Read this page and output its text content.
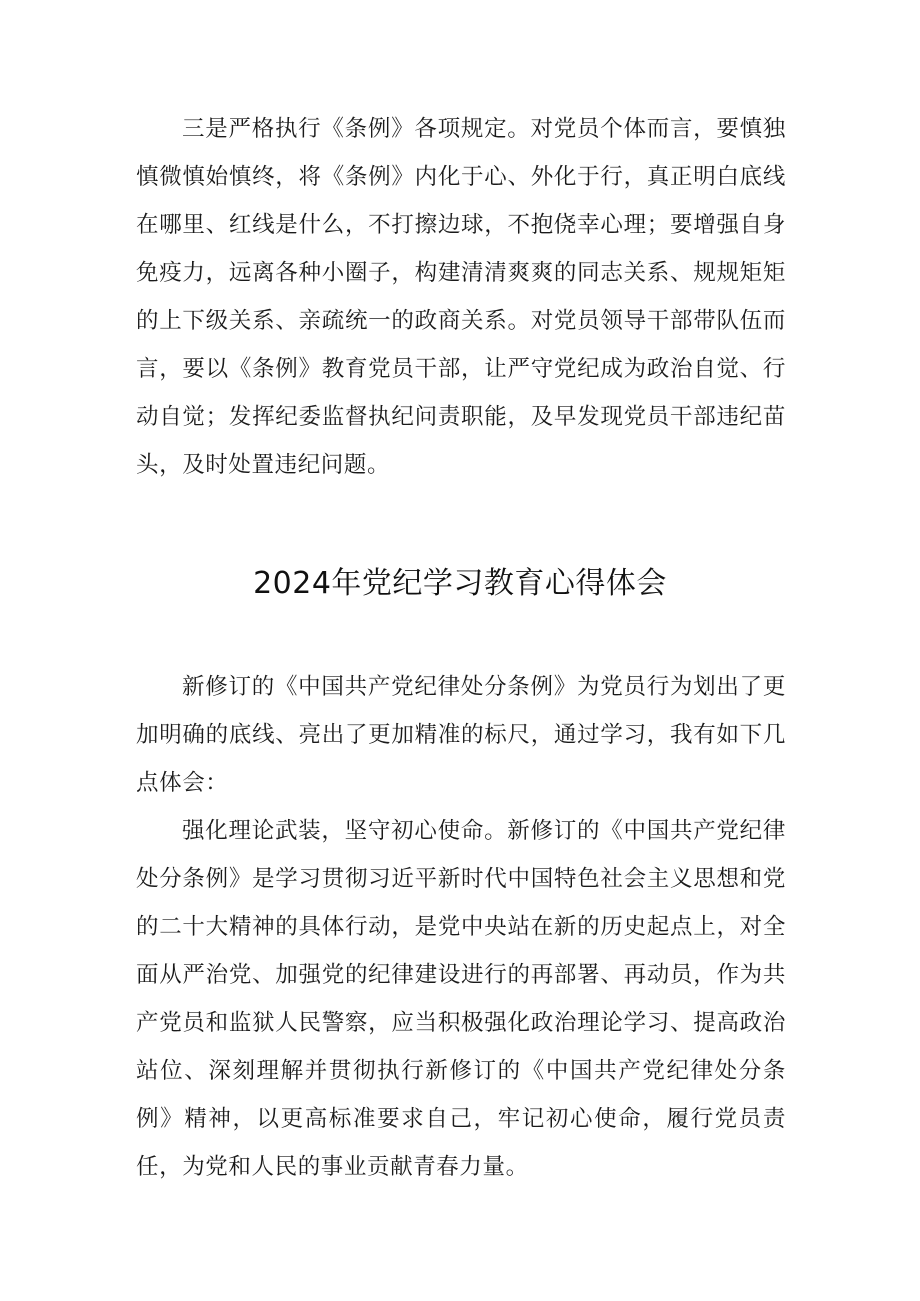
三是严格执行《条例》各项规定。对党员个体而言，要慎独慎微慎始慎终，将《条例》内化于心、外化于行，真正明白底线在哪里、红线是什么，不打擦边球，不抱侥幸心理；要增强自身免疫力，远离各种小圈子，构建清清爽爽的同志关系、规规矩矩的上下级关系、亲疏统一的政商关系。对党员领导干部带队伍而言，要以《条例》教育党员干部，让严守党纪成为政治自觉、行动自觉；发挥纪委监督执纪问责职能，及早发现党员干部违纪苗头，及时处置违纪问题。

2024年党纪学习教育心得体会

新修订的《中国共产党纪律处分条例》为党员行为划出了更加明确的底线、亮出了更加精准的标尺，通过学习，我有如下几点体会：

强化理论武装，坚守初心使命。新修订的《中国共产党纪律处分条例》是学习贯彻习近平新时代中国特色社会主义思想和党的二十大精神的具体行动，是党中央站在新的历史起点上，对全面从严治党、加强党的纪律建设进行的再部署、再动员，作为共产党员和监狱人民警察，应当积极强化政治理论学习、提高政治站位、深刻理解并贯彻执行新修订的《中国共产党纪律处分条例》精神，以更高标准要求自己，牢记初心使命，履行党员责任，为党和人民的事业贡献青春力量。
